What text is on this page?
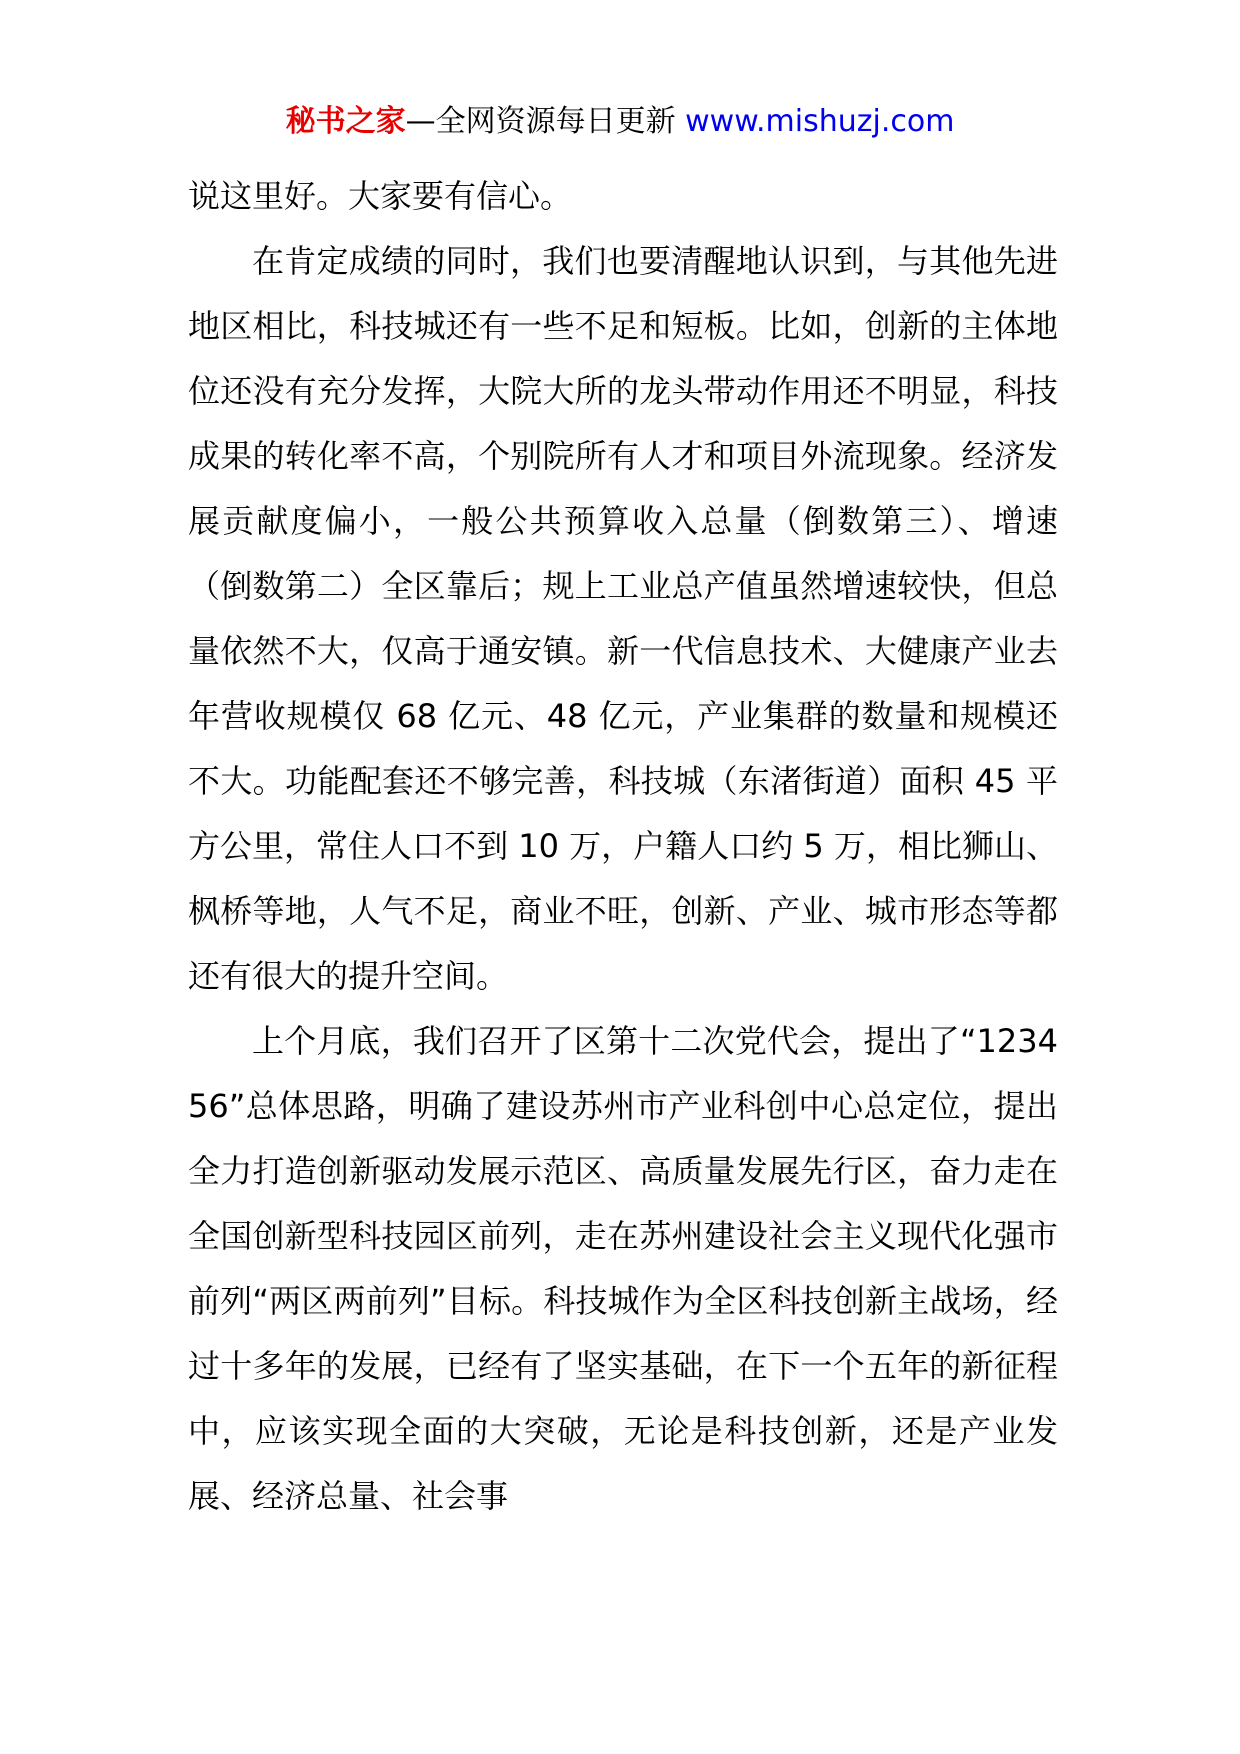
秘书之家—全网资源每日更新 www.mishuzj.com

说这里好。大家要有信心。

在肯定成绩的同时，我们也要清醒地认识到，与其他先进地区相比，科技城还有一些不足和短板。比如，创新的主体地位还没有充分发挥，大院大所的龙头带动作用还不明显，科技成果的转化率不高，个别院所有人才和项目外流现象。经济发展贡献度偏小，一般公共预算收入总量（倒数第三）、增速（倒数第二）全区靠后；规上工业总产值虽然增速较快，但总量依然不大，仅高于通安镇。新一代信息技术、大健康产业去年营收规模仅 68 亿元、48 亿元，产业集群的数量和规模还不大。功能配套还不够完善，科技城（东渚街道）面积 45 平方公里，常住人口不到 10 万，户籍人口约 5 万，相比狮山、枫桥等地，人气不足，商业不旺，创新、产业、城市形态等都还有很大的提升空间。

上个月底，我们召开了区第十二次党代会，提出了“123456”总体思路，明确了建设苏州市产业科创中心总定位，提出全力打造创新驱动发展示范区、高质量发展先行区，奋力走在全国创新型科技园区前列，走在苏州建设社会主义现代化强市前列“两区两前列”目标。科技城作为全区科技创新主战场，经过十多年的发展，已经有了坚实基础，在下一个五年的新征程中，应该实现全面的大突破，无论是科技创新，还是产业发展、经济总量、社会事
